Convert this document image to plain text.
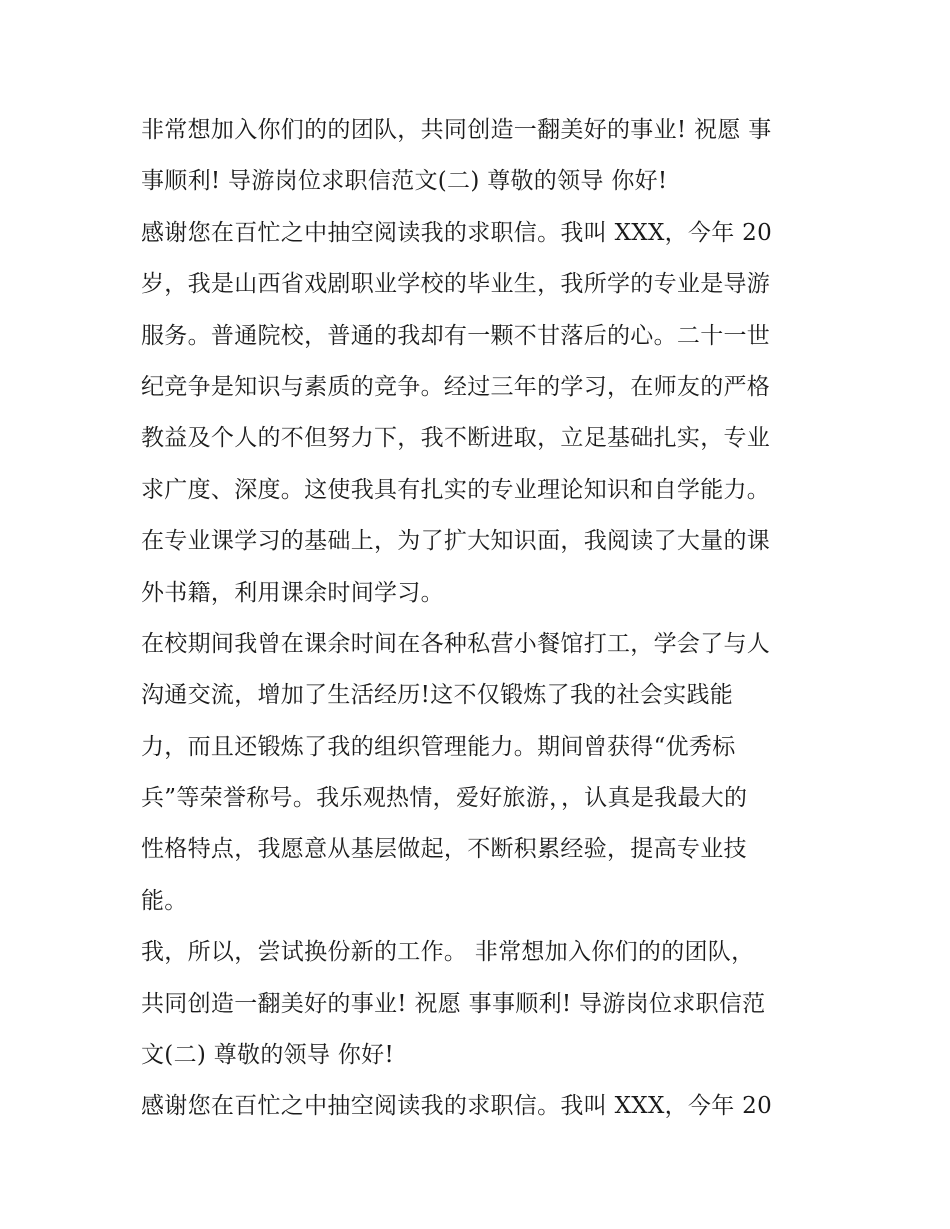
非常想加入你们的的团队，共同创造一翻美好的事业! 祝愿 事
事顺利! 导游岗位求职信范文(二) 尊敬的领导 你好!
感谢您在百忙之中抽空阅读我的求职信。我叫 XXX，今年 20
岁，我是山西省戏剧职业学校的毕业生，我所学的专业是导游
服务。普通院校，普通的我却有一颗不甘落后的心。二十一世
纪竞争是知识与素质的竞争。经过三年的学习，在师友的严格
教益及个人的不但努力下，我不断进取，立足基础扎实，专业
求广度、深度。这使我具有扎实的专业理论知识和自学能力。
在专业课学习的基础上，为了扩大知识面，我阅读了大量的课
外书籍，利用课余时间学习。
在校期间我曾在课余时间在各种私营小餐馆打工，学会了与人
沟通交流，增加了生活经历!这不仅锻炼了我的社会实践能
力，而且还锻炼了我的组织管理能力。期间曾获得“优秀标
兵”等荣誉称号。我乐观热情，爱好旅游，，认真是我最大的
性格特点，我愿意从基层做起，不断积累经验，提高专业技
能。
我，所以，尝试换份新的工作。 非常想加入你们的的团队，
共同创造一翻美好的事业! 祝愿 事事顺利! 导游岗位求职信范
文(二) 尊敬的领导 你好!
感谢您在百忙之中抽空阅读我的求职信。我叫 XXX，今年 20
